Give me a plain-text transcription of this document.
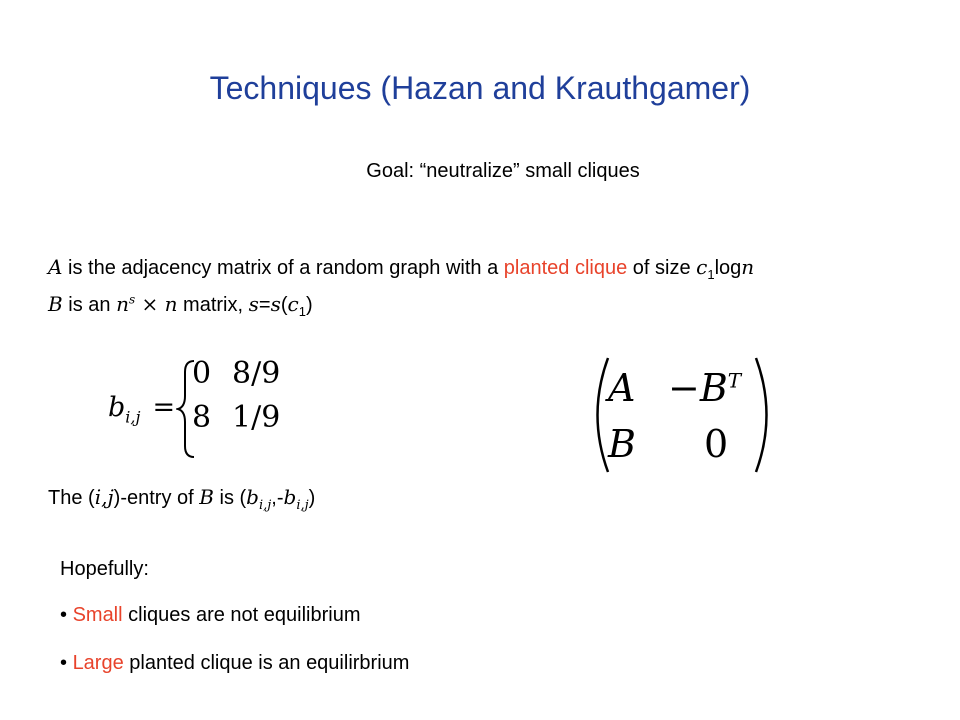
Techniques (Hazan and Krauthgamer)
Goal: “neutralize” small cliques
A is the adjacency matrix of a random graph with a planted clique of size $c_1\log n$
B is an $n^s \times n$ matrix, $s=s(c_1)$
$b_{i,j}$ =
0 8/9
8 1/9
$A -B^T$
B 0
The (i,j)-entry of B is $(b_{i,j},-b_{i,j})$
Hopefully:
• Small cliques are not equilibrium
• Large planted clique is an equilirbrium
